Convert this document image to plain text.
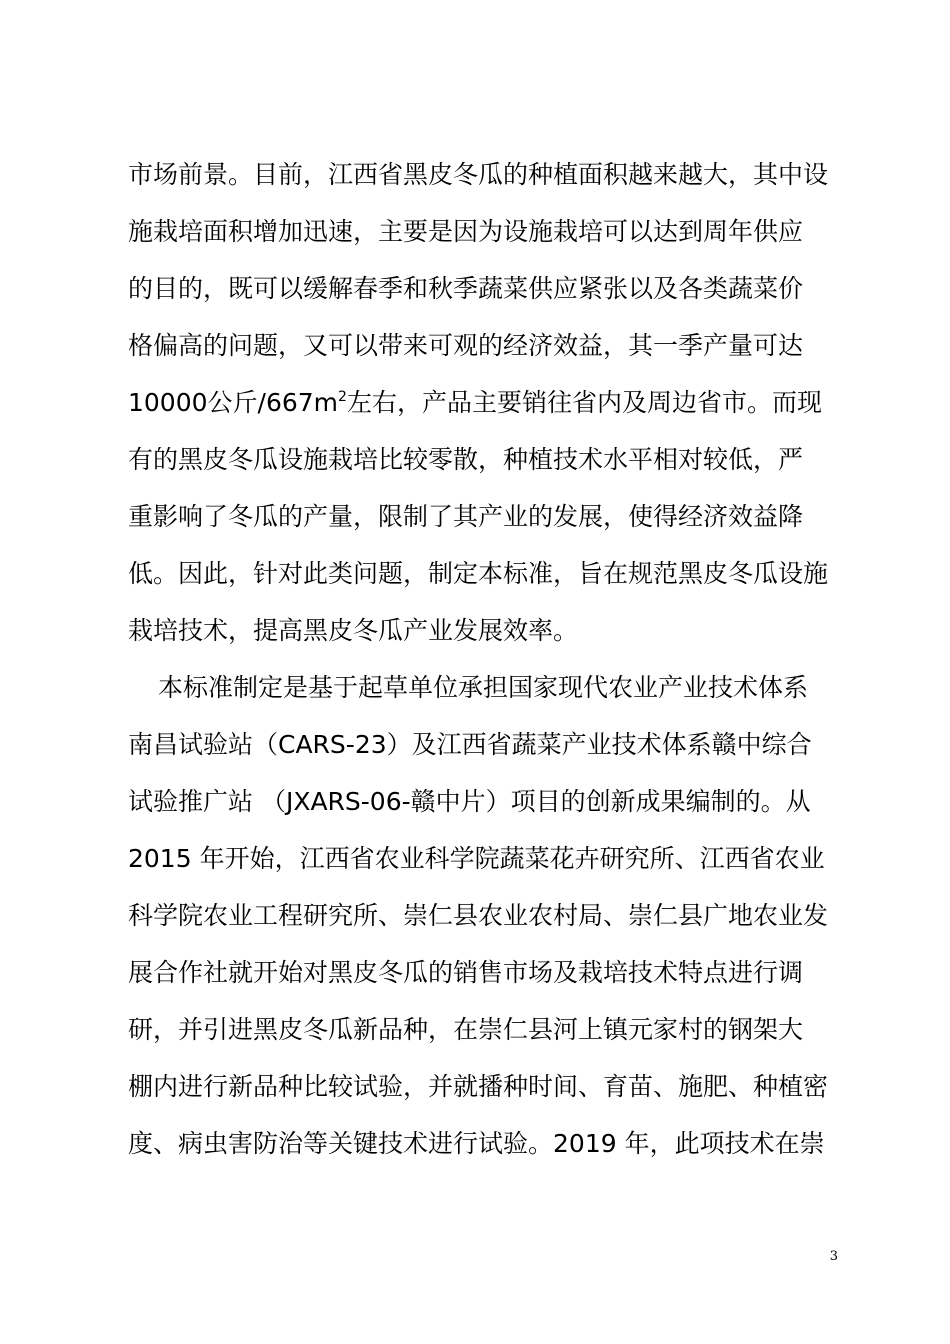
市场前景。目前，江西省黑皮冬瓜的种植面积越来越大，其中设
施栽培面积增加迅速，主要是因为设施栽培可以达到周年供应
的目的，既可以缓解春季和秋季蔬菜供应紧张以及各类蔬菜价
格偏高的问题，又可以带来可观的经济效益，其一季产量可达
10000公斤$/667m^2$左右，产品主要销往省内及周边省市。而现
有的黑皮冬瓜设施栽培比较零散，种植技术水平相对较低，严
重影响了冬瓜的产量，限制了其产业的发展，使得经济效益降
低。因此，针对此类问题，制定本标准，旨在规范黑皮冬瓜设施
栽培技术，提高黑皮冬瓜产业发展效率。
本标准制定是基于起草单位承担国家现代农业产业技术体系
南昌试验站（CARS-23）及江西省蔬菜产业技术体系赣中综合
试验推广站 （JXARS-06-赣中片）项目的创新成果编制的。从
2015 年开始，江西省农业科学院蔬菜花卉研究所、江西省农业
科学院农业工程研究所、崇仁县农业农村局、崇仁县广地农业发
展合作社就开始对黑皮冬瓜的销售市场及栽培技术特点进行调
研，并引进黑皮冬瓜新品种，在崇仁县河上镇元家村的钢架大
棚内进行新品种比较试验，并就播种时间、育苗、施肥、种植密
度、病虫害防治等关键技术进行试验。2019 年，此项技术在崇
3
